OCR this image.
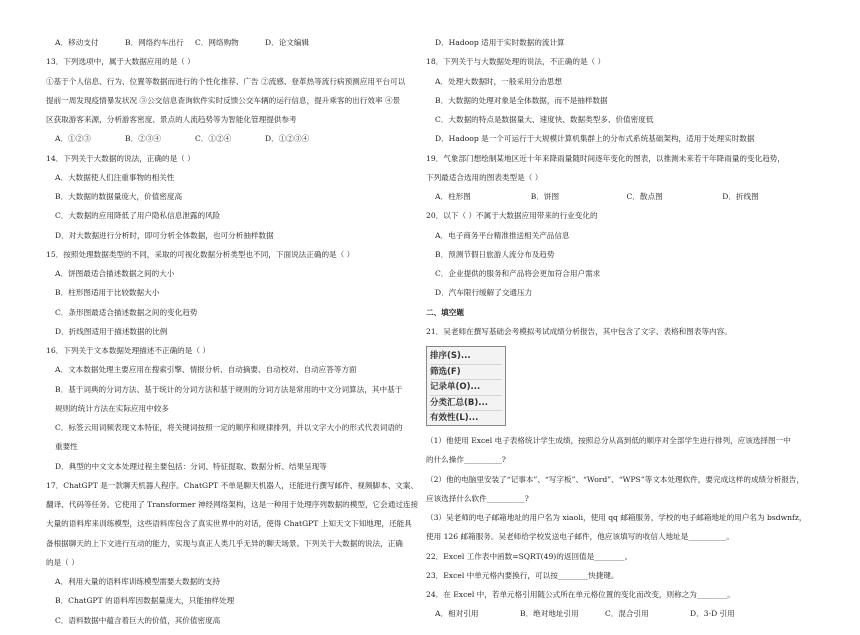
A．移动支付	B．网络约车出行	C．网络购物	D．论文编辑
13．下列选项中，属于大数据应用的是（ ）
①基于个人信息、行为、位置等数据而进行的个性化推荐、广告 ②流感、登革热等流行病预测应用平台可以
提前一周发现疫情暴发状况 ③公交信息查询软件实时反馈公交车辆的运行信息，提升乘客的出行效率 ④景
区获取游客来源，分析游客密度、景点的人流趋势等为智能化管理提供参考
A．①②③	B．②③④	C．①②④	D．①②③④
14．下列关于大数据的说法，正确的是（ ）
A．大数据使人们注重事物的相关性
B．大数据的数据量庞大，价值密度高
C．大数据的应用降低了用户隐私信息泄露的风险
D．对大数据进行分析时，即可分析全体数据，也可分析抽样数据
15．按照处理数据类型的不同，采取的可视化数据分析类型也不同，下面说法正确的是（ ）
A．饼图最适合描述数据之间的大小
B．柱形图适用于比较数据大小
C．条形图最适合描述数据之间的变化趋势
D．折线图适用于描述数据的比例
16．下列关于文本数据处理描述不正确的是（ ）
A．文本数据处理主要应用在搜索引擎、情报分析、自动摘要、自动校对、自动应答等方面
B．基于词典的分词方法、基于统计的分词方法和基于规则的分词方法是常用的中文分词算法，其中基于
规则的统计方法在实际应用中较多
C．标签云用词频表现文本特征，将关键词按照一定的顺序和规律排列，并以文字大小的形式代表词语的
重要性
D．典型的中文文本处理过程主要包括：分词、特征提取、数据分析、结果呈现等
17．ChatGPT 是一款聊天机器人程序。ChatGPT 不单是聊天机器人，还能进行撰写邮件、视频脚本、文案、
翻译、代码等任务。它使用了 Transformer 神经网络架构，这是一种用于处理序列数据的模型，它会通过连接
大量的语料库来训练模型，这些语料库包含了真实世界中的对话，使得 ChatGPT 上知天文下知地理，还能具
备根据聊天的上下文进行互动的能力，实现与真正人类几乎无异的聊天场景。下列关于大数据的说法，正确
的是（ ）
A．利用大量的语料库训练模型需要大数据的支持
B．ChatGPT 的语料库因数据量庞大，只能抽样处理
C．语料数据中蕴含着巨大的价值，其价值密度高
D．Hadoop 适用于实时数据的流计算
18．下列关于与大数据处理的说法，不正确的是（ ）
A．处理大数据时，一般采用分治思想
B．大数据的处理对象是全体数据，而不是抽样数据
C．大数据的特点是数据量大、速度快、数据类型多、价值密度低
D．Hadoop 是一个可运行于大规模计算机集群上的分布式系统基础架构，适用于处理实时数据
19．气象部门想绘制某地区近十年来降雨量随时间逐年变化的图表，以推测未来若干年降雨量的变化趋势，
下列最适合选用的图表类型是（ ）
A．柱形图	B．饼图	C．散点图	D．折线图
20．以下（ ）不属于大数据应用带来的行业变化的
A．电子商务平台精准推送相关产品信息
B．预测节假日旅游人流分布及趋势
C．企业提供的服务和产品将会更加符合用户需求
D．汽车限行缓解了交通压力
二、填空题
21．吴老师在撰写基础会考模拟考试成绩分析报告，其中包含了文字、表格和图表等内容。
排序(S)...
筛选(F)
记录单(O)...
分类汇总(B)...
有效性(L)...
（1）他使用 Excel 电子表格统计学生成绩，按照总分从高到低的顺序对全部学生进行排列，应该选择图一中
的什么操作__________?
（2）他的电脑里安装了“记事本”、“写字板”、“Word”、“WPS”等文本处理软件，要完成这样的成绩分析报告，
应该选择什么软件__________?
（3）吴老师的电子邮箱地址的用户名为 xiaoli，使用 qq 邮箱服务，学校的电子邮箱地址的用户名为 bsdwnfz，
使用 126 邮箱服务。吴老师给学校发送电子邮件，他应该填写的收信人地址是__________。
22．Excel 工作表中函数=SQRT(49)的返回值是________。
23．Excel 中单元格内要换行，可以按________快捷键。
24．在 Excel 中，若单元格引用随公式所在单元格位置的变化而改变，则称之为________。
A．相对引用	B．绝对地址引用	C．混合引用	D．3-D 引用
